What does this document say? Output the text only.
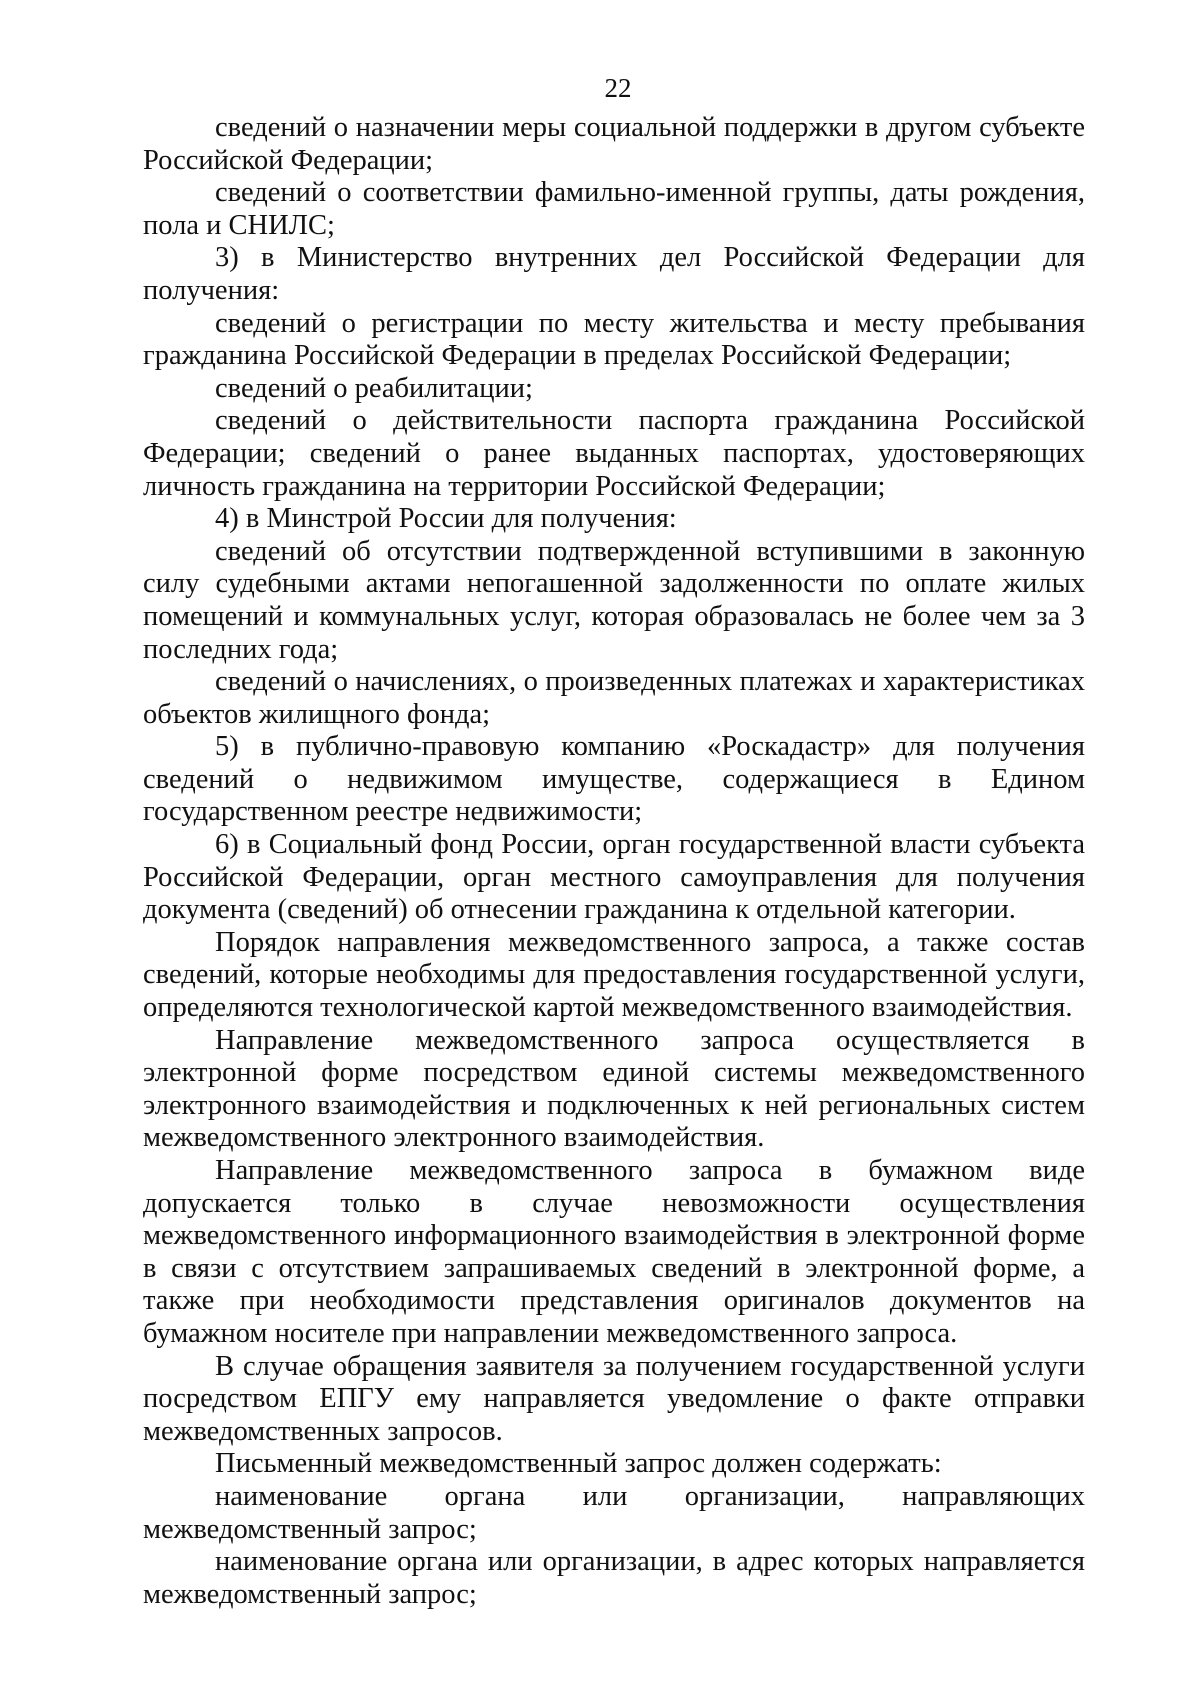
22

сведений о назначении меры социальной поддержки в другом субъекте Российской Федерации;

сведений о соответствии фамильно-именной группы, даты рождения, пола и СНИЛС;

3) в Министерство внутренних дел Российской Федерации для получения:

сведений о регистрации по месту жительства и месту пребывания гражданина Российской Федерации в пределах Российской Федерации;

сведений о реабилитации;

сведений о действительности паспорта гражданина Российской Федерации; сведений о ранее выданных паспортах, удостоверяющих личность гражданина на территории Российской Федерации;

4) в Минстрой России для получения:

сведений об отсутствии подтвержденной вступившими в законную силу судебными актами непогашенной задолженности по оплате жилых помещений и коммунальных услуг, которая образовалась не более чем за 3 последних года;

сведений о начислениях, о произведенных платежах и характеристиках объектов жилищного фонда;

5) в публично-правовую компанию «Роскадастр» для получения сведений о недвижимом имуществе, содержащиеся в Едином государственном реестре недвижимости;

6) в Социальный фонд России, орган государственной власти субъекта Российской Федерации, орган местного самоуправления для получения документа (сведений) об отнесении гражданина к отдельной категории.

Порядок направления межведомственного запроса, а также состав сведений, которые необходимы для предоставления государственной услуги, определяются технологической картой межведомственного взаимодействия.

Направление межведомственного запроса осуществляется в электронной форме посредством единой системы межведомственного электронного взаимодействия и подключенных к ней региональных систем межведомственного электронного взаимодействия.

Направление межведомственного запроса в бумажном виде допускается только в случае невозможности осуществления межведомственного информационного взаимодействия в электронной форме в связи с отсутствием запрашиваемых сведений в электронной форме, а также при необходимости представления оригиналов документов на бумажном носителе при направлении межведомственного запроса.

В случае обращения заявителя за получением государственной услуги посредством ЕПГУ ему направляется уведомление о факте отправки межведомственных запросов.

Письменный межведомственный запрос должен содержать:

наименование органа или организации, направляющих межведомственный запрос;

наименование органа или организации, в адрес которых направляется межведомственный запрос;
